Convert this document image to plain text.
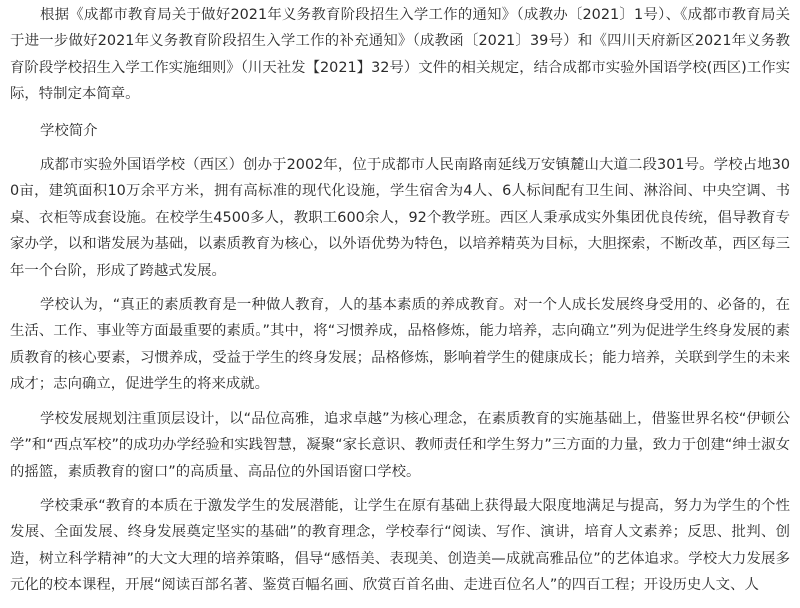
根据《成都市教育局关于做好2021年义务教育阶段招生入学工作的通知》（成教办〔2021〕1号）、《成都市教育局关于进一步做好2021年义务教育阶段招生入学工作的补充通知》（成教函〔2021〕39号）和《四川天府新区2021年义务教育阶段学校招生入学工作实施细则》（川天社发【2021】32号）文件的相关规定，结合成都市实验外国语学校(西区)工作实际，特制定本简章。

学校简介

成都市实验外国语学校（西区）创办于2002年，位于成都市人民南路南延线万安镇麓山大道二段301号。学校占地300亩，建筑面积10万余平方米，拥有高标准的现代化设施，学生宿舍为4人、6人标间配有卫生间、淋浴间、中央空调、书桌、衣柜等成套设施。在校学生4500多人，教职工600余人，92个教学班。西区人秉承成实外集团优良传统，倡导教育专家办学，以和谐发展为基础，以素质教育为核心，以外语优势为特色，以培养精英为目标，大胆探索，不断改革，西区每三年一个台阶，形成了跨越式发展。

学校认为，“真正的素质教育是一种做人教育，人的基本素质的养成教育。对一个人成长发展终身受用的、必备的，在生活、工作、事业等方面最重要的素质。”其中，将“习惯养成，品格修炼，能力培养，志向确立”列为促进学生终身发展的素质教育的核心要素，习惯养成，受益于学生的终身发展；品格修炼，影响着学生的健康成长；能力培养，关联到学生的未来成才；志向确立，促进学生的将来成就。

学校发展规划注重顶层设计，以“品位高雅，追求卓越”为核心理念，在素质教育的实施基础上，借鉴世界名校“伊顿公学”和“西点军校”的成功办学经验和实践智慧，凝聚“家长意识、教师责任和学生努力”三方面的力量，致力于创建“绅士淑女的摇篮，素质教育的窗口”的高质量、高品位的外国语窗口学校。

学校秉承“教育的本质在于激发学生的发展潜能，让学生在原有基础上获得最大限度地满足与提高，努力为学生的个性发展、全面发展、终身发展奠定坚实的基础”的教育理念，学校奉行“阅读、写作、演讲，培育人文素养；反思、批判、创造，树立科学精神”的大文大理的培养策略，倡导“感悟美、表现美、创造美—成就高雅品位”的艺体追求。学校大力发展多元化的校本课程，开展“阅读百部名著、鉴赏百幅名画、欣赏百首名曲、走进百位名人”的四百工程；开设历史人文、人
